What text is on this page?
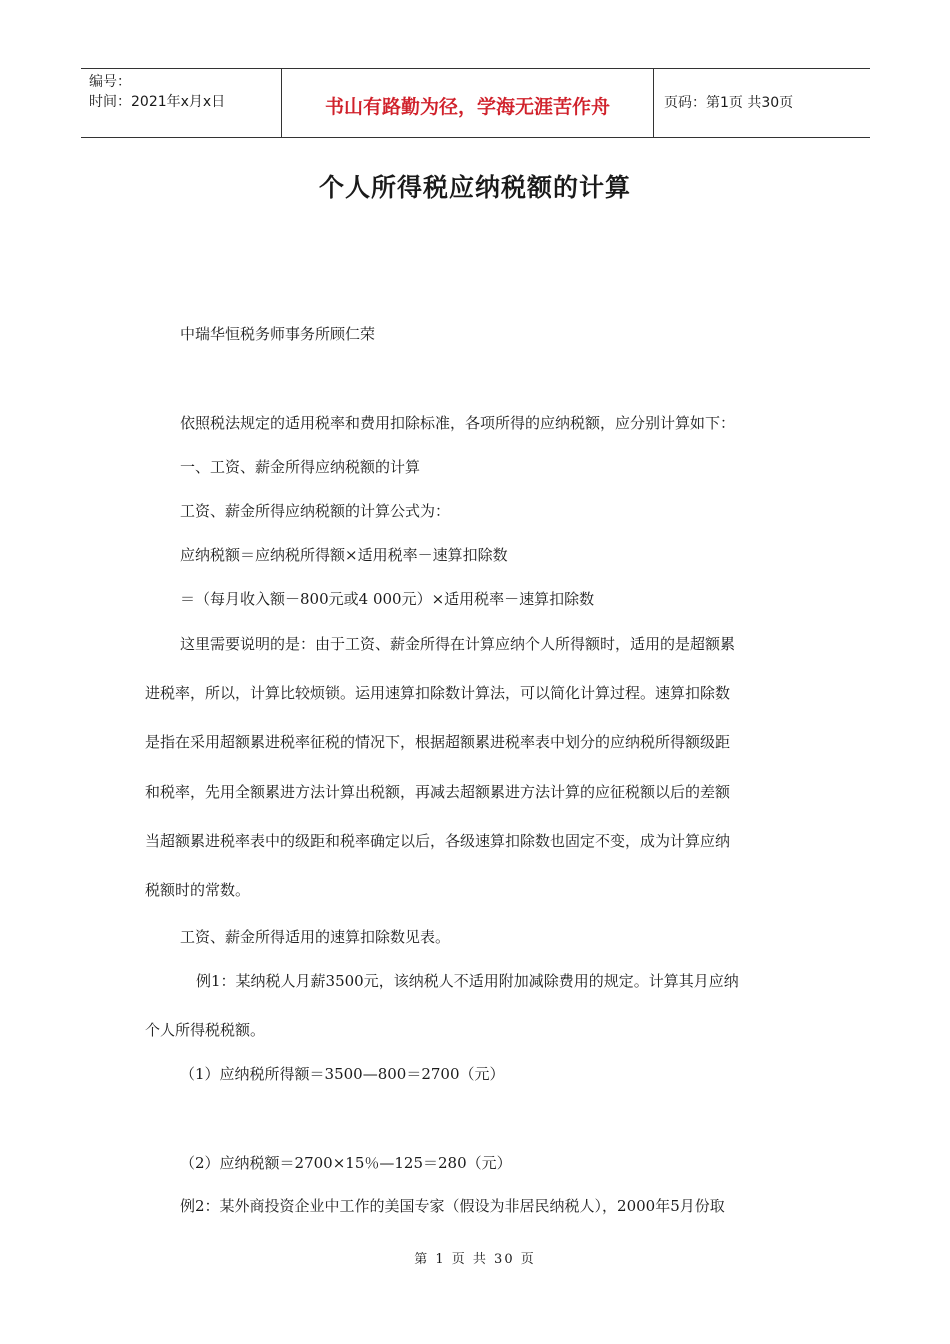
编号：
时间：2021年x月x日	书山有路勤为径，学海无涯苦作舟	页码：第1页 共30页
个人所得税应纳税额的计算
中瑞华恒税务师事务所顾仁荣
依照税法规定的适用税率和费用扣除标准，各项所得的应纳税额，应分别计算如下：
一、工资、薪金所得应纳税额的计算
工资、薪金所得应纳税额的计算公式为：
应纳税额＝应纳税所得额×适用税率－速算扣除数
＝（每月收入额－800元或4 000元）×适用税率－速算扣除数
这里需要说明的是：由于工资、薪金所得在计算应纳个人所得额时，适用的是超额累
进税率，所以，计算比较烦锁。运用速算扣除数计算法，可以简化计算过程。速算扣除数
是指在采用超额累进税率征税的情况下，根据超额累进税率表中划分的应纳税所得额级距
和税率，先用全额累进方法计算出税额，再减去超额累进方法计算的应征税额以后的差额
当超额累进税率表中的级距和税率确定以后，各级速算扣除数也固定不变，成为计算应纳
税额时的常数。
工资、薪金所得适用的速算扣除数见表。
例1：某纳税人月薪3500元，该纳税人不适用附加减除费用的规定。计算其月应纳
个人所得税税额。
（1）应纳税所得额＝3500—800＝2700（元）
（2）应纳税额＝2700×15％—125＝280（元）
例2：某外商投资企业中工作的美国专家（假设为非居民纳税人），2000年5月份取
第 1 页 共 30 页
